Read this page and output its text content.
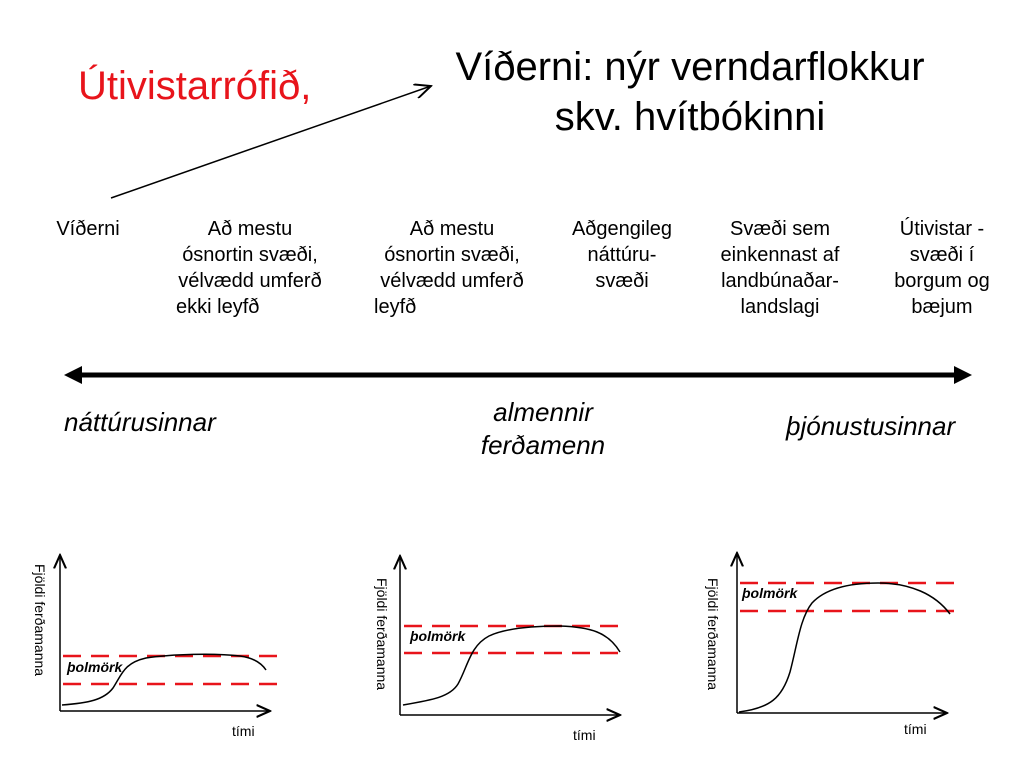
Víðerni: nýr verndarflokkur
skv. hvítbókinni
Útivistarrófið,
Víðerni	Að mestu
ósnortin svæði,
vélvædd umferð
ekki leyfð
Að mestu
ósnortin svæði,
vélvædd umferð
leyfð
Aðgengileg
náttúru-
svæði
Svæði sem
einkennast af
landbúnaðar-
landslagi
Útivistar -
svæði í
borgum og
bæjum
náttúrusinnar	almennir
ferðamenn
þjónustusinnar
Fjöldi ferðamanna
tími
þolmörk	Fjöldi ferðamanna
tími
þolmörk	Fjöldi ferðamanna
tími
þolmörk
